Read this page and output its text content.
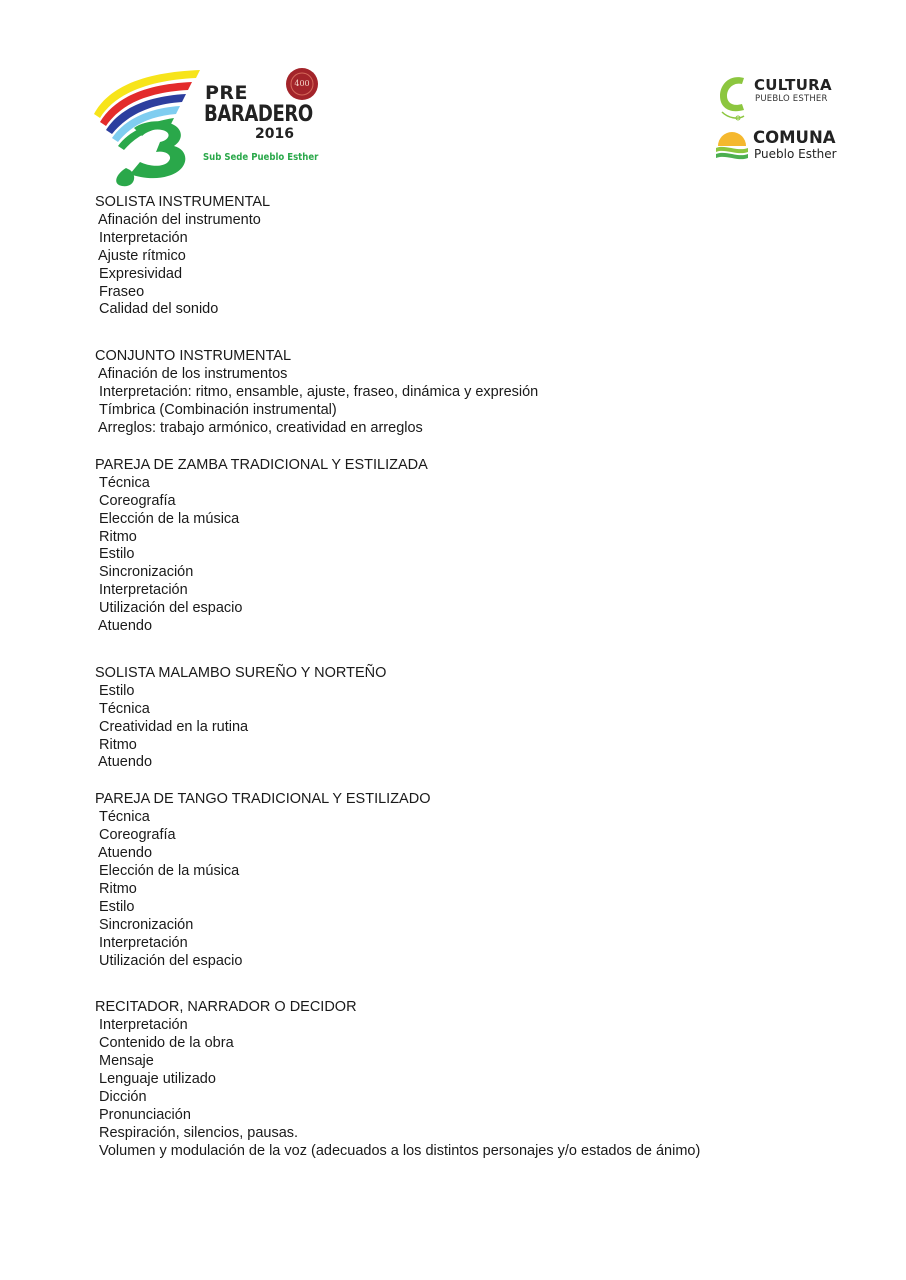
400
PRE
BARADERO
2016
Sub Sede Pueblo Esther
CULTURA
PUEBLO ESTHER
COMUNA
Pueblo Esther
SOLISTA INSTRUMENTAL
Afinación del instrumento
Interpretación
Ajuste rítmico
Expresividad
Fraseo
Calidad del sonido
CONJUNTO INSTRUMENTAL
Afinación de los instrumentos
Interpretación: ritmo, ensamble, ajuste, fraseo, dinámica y expresión
Tímbrica (Combinación instrumental)
Arreglos: trabajo armónico, creatividad en arreglos
PAREJA DE ZAMBA TRADICIONAL Y ESTILIZADA
Técnica
Coreografía
Elección de la música
Ritmo
Estilo
Sincronización
Interpretación
Utilización del espacio
Atuendo
SOLISTA MALAMBO SUREÑO Y NORTEÑO
Estilo
Técnica
Creatividad en la rutina
Ritmo
Atuendo
PAREJA DE TANGO TRADICIONAL Y ESTILIZADO
Técnica
Coreografía
Atuendo
Elección de la música
Ritmo
Estilo
Sincronización
Interpretación
Utilización del espacio
RECITADOR, NARRADOR O DECIDOR
Interpretación
Contenido de la obra
Mensaje
Lenguaje utilizado
Dicción
Pronunciación
Respiración, silencios, pausas.
Volumen y modulación de la voz (adecuados a los distintos personajes y/o estados de ánimo)
